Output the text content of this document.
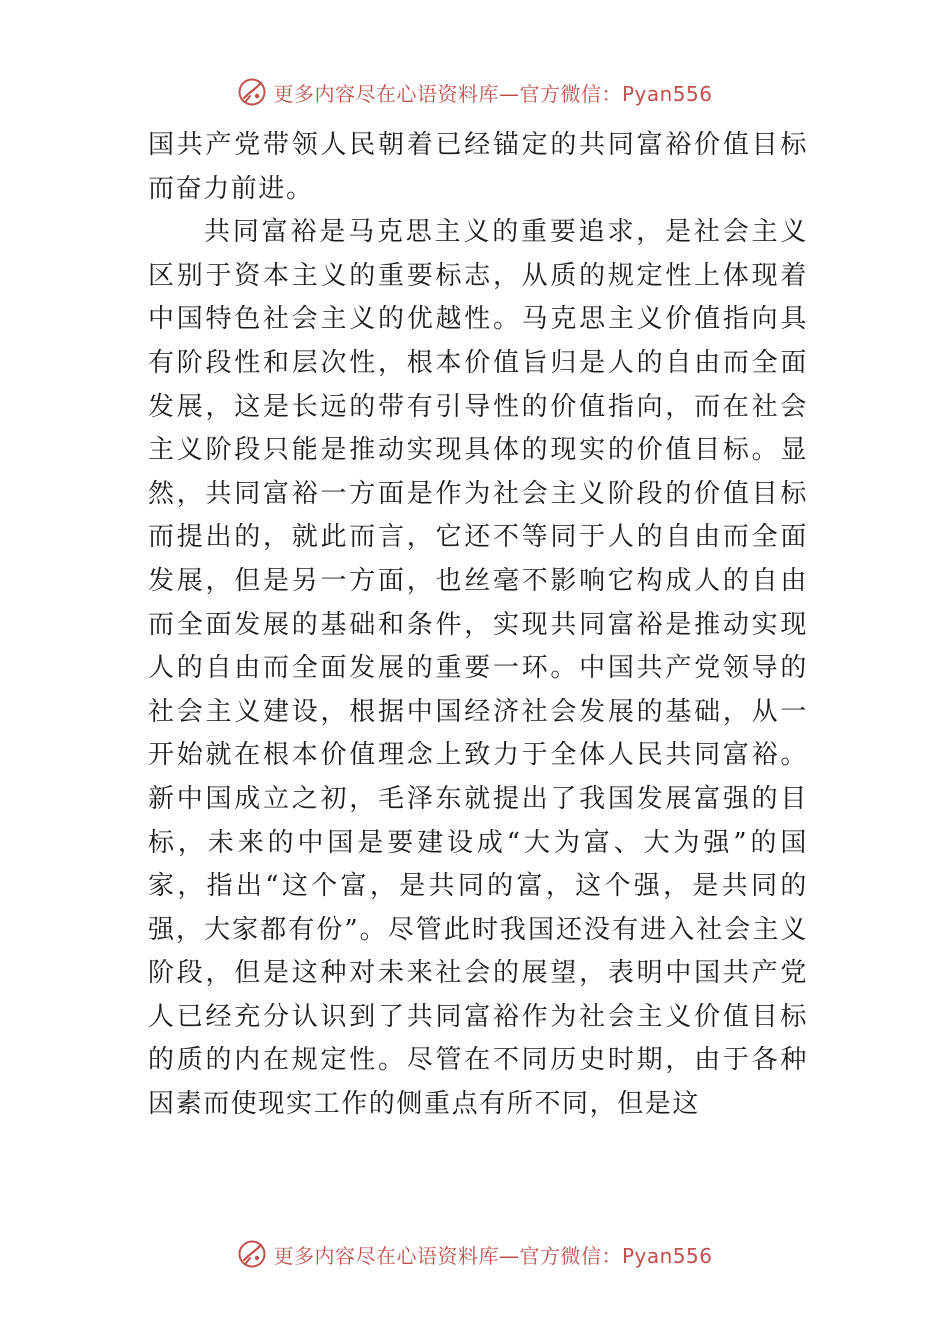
更多内容尽在心语资料库—官方微信：Pyan556

国共产党带领人民朝着已经锚定的共同富裕价值目标而奋力前进。

共同富裕是马克思主义的重要追求，是社会主义区别于资本主义的重要标志，从质的规定性上体现着中国特色社会主义的优越性。马克思主义价值指向具有阶段性和层次性，根本价值旨归是人的自由而全面发展，这是长远的带有引导性的价值指向，而在社会主义阶段只能是推动实现具体的现实的价值目标。显然，共同富裕一方面是作为社会主义阶段的价值目标而提出的，就此而言，它还不等同于人的自由而全面发展，但是另一方面，也丝毫不影响它构成人的自由而全面发展的基础和条件，实现共同富裕是推动实现人的自由而全面发展的重要一环。中国共产党领导的社会主义建设，根据中国经济社会发展的基础，从一开始就在根本价值理念上致力于全体人民共同富裕。新中国成立之初，毛泽东就提出了我国发展富强的目标，未来的中国是要建设成“大为富、大为强”的国家，指出“这个富，是共同的富，这个强，是共同的强，大家都有份”。尽管此时我国还没有进入社会主义阶段，但是这种对未来社会的展望，表明中国共产党人已经充分认识到了共同富裕作为社会主义价值目标的质的内在规定性。尽管在不同历史时期，由于各种因素而使现实工作的侧重点有所不同，但是这

更多内容尽在心语资料库—官方微信：Pyan556
